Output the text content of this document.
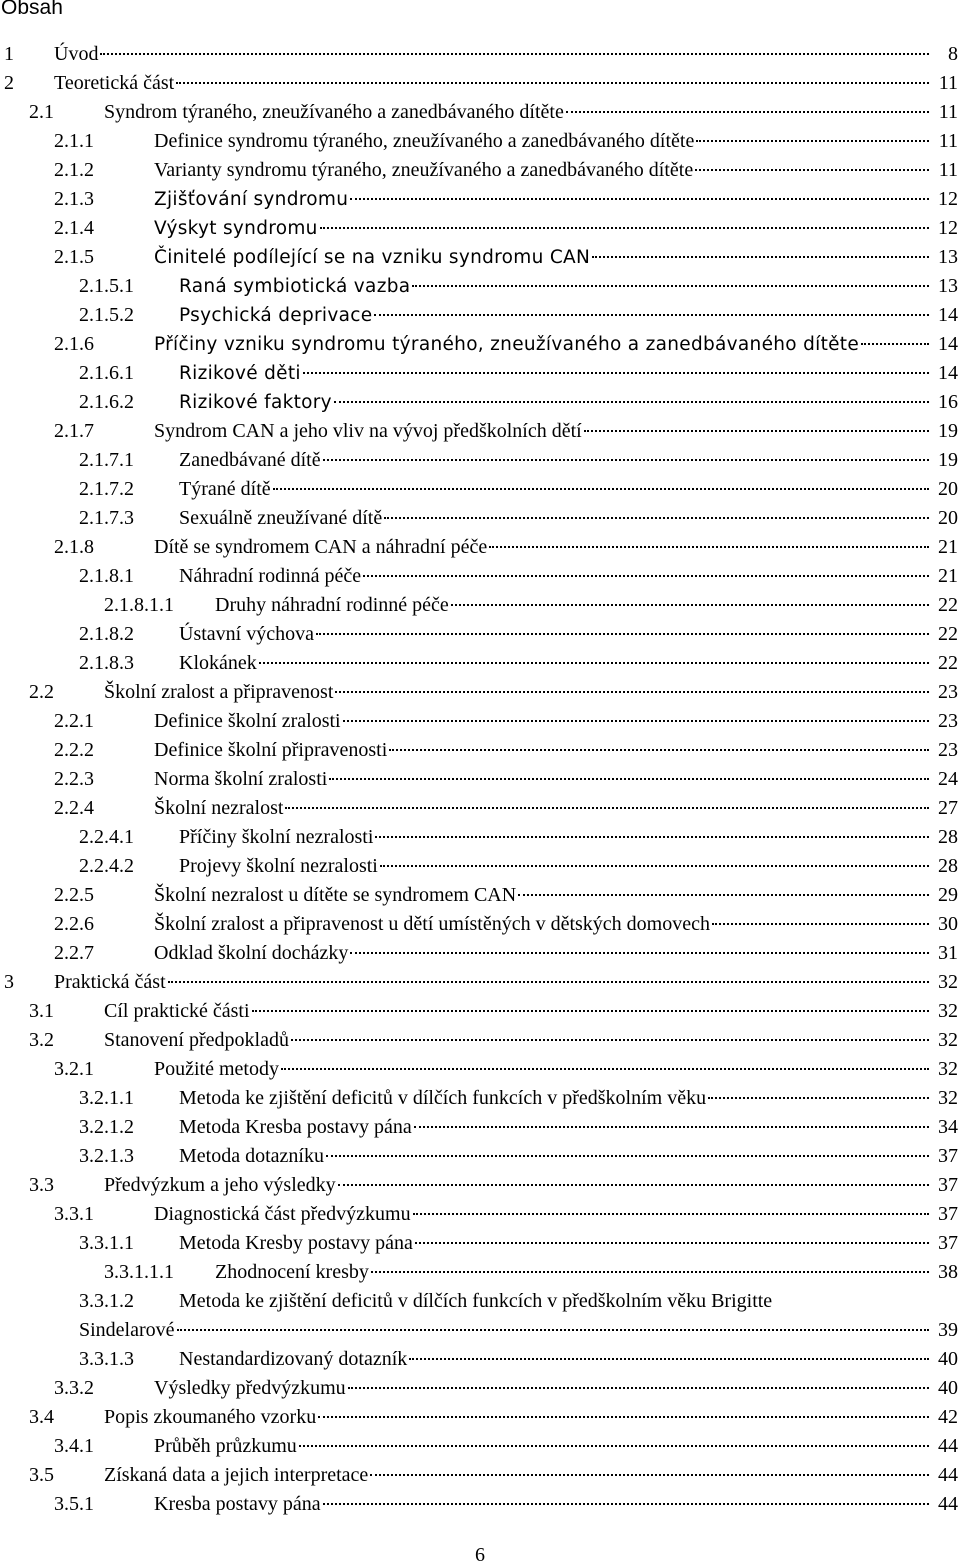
Obsah
1 Úvod	8
2 Teoretická část	11
2.1	Syndrom týraného, zneužívaného a zanedbávaného dítěte	11
2.1.1	Definice syndromu týraného, zneužívaného a zanedbávaného dítěte	11
2.1.2	Varianty syndromu týraného, zneužívaného a zanedbávaného dítěte	11
2.1.3	Zjišťování syndromu	12
2.1.4	Výskyt syndromu	12
2.1.5	Činitelé podílející se na vzniku syndromu CAN	13
2.1.5.1 Raná symbiotická vazba	13
2.1.5.2 Psychická deprivace	14
2.1.6	Příčiny vzniku syndromu týraného, zneužívaného a zanedbávaného dítěte	14
2.1.6.1 Rizikové děti	14
2.1.6.2 Rizikové faktory	16
2.1.7	Syndrom CAN a jeho vliv na vývoj předškolních dětí	19
2.1.7.1 Zanedbávané dítě	19
2.1.7.2 Týrané dítě	20
2.1.7.3 Sexuálně zneužívané dítě	20
2.1.8	Dítě se syndromem CAN a náhradní péče	21
2.1.8.1 Náhradní rodinná péče	21
2.1.8.1.1 Druhy náhradní rodinné péče	22
2.1.8.2 Ústavní výchova	22
2.1.8.3 Klokánek	22
2.2	Školní zralost a připravenost	23
2.2.1	Definice školní zralosti	23
2.2.2	Definice školní připravenosti	23
2.2.3	Norma školní zralosti	24
2.2.4	Školní nezralost	27
2.2.4.1 Příčiny školní nezralosti	28
2.2.4.2 Projevy školní nezralosti	28
2.2.5	Školní nezralost u dítěte se syndromem CAN	29
2.2.6	Školní zralost a připravenost u dětí umístěných v dětských domovech	30
2.2.7	Odklad školní docházky	31
3 Praktická část	32
3.1	Cíl praktické části	32
3.2	Stanovení předpokladů	32
3.2.1	Použité metody	32
3.2.1.1 Metoda ke zjištění deficitů v dílčích funkcích v předškolním věku	32
3.2.1.2 Metoda Kresba postavy pána	34
3.2.1.3 Metoda dotazníku	37
3.3	Předvýzkum a jeho výsledky	37
3.3.1	Diagnostická část předvýzkumu	37
3.3.1.1 Metoda Kresby postavy pána	37
3.3.1.1.1 Zhodnocení kresby	38
3.3.1.2 Metoda ke zjištění deficitů v dílčích funkcích v předškolním věku Brigitte
Sindelarové	39
3.3.1.3 Nestandardizovaný dotazník	40
3.3.2	Výsledky předvýzkumu	40
3.4	Popis zkoumaného vzorku	42
3.4.1	Průběh průzkumu	44
3.5	Získaná data a jejich interpretace	44
3.5.1	Kresba postavy pána	44
6
